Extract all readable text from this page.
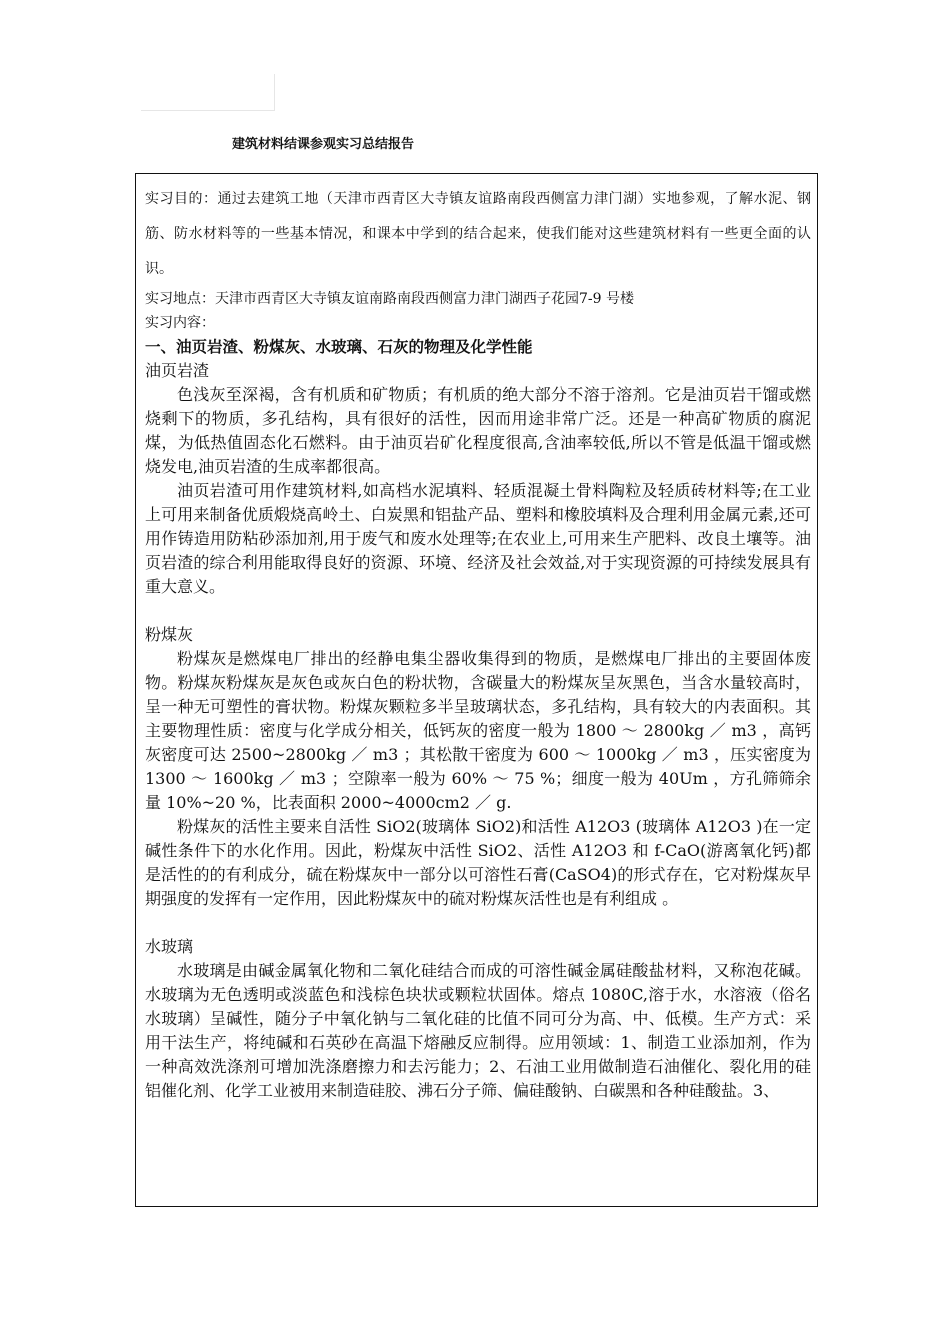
建筑材料结课参观实习总结报告

实习目的：通过去建筑工地（天津市西青区大寺镇友谊路南段西侧富力津门湖）实地参观，了解水泥、钢筋、防水材料等的一些基本情况，和课本中学到的结合起来，使我们能对这些建筑材料有一些更全面的认识。

实习地点：天津市西青区大寺镇友谊南路南段西侧富力津门湖西子花园7-9 号楼

实习内容：

一、油页岩渣、粉煤灰、水玻璃、石灰的物理及化学性能

油页岩渣

色浅灰至深褐，含有机质和矿物质；有机质的绝大部分不溶于溶剂。它是油页岩干馏或燃烧剩下的物质，多孔结构，具有很好的活性，因而用途非常广泛。还是一种高矿物质的腐泥煤，为低热值固态化石燃料。由于油页岩矿化程度很高,含油率较低,所以不管是低温干馏或燃烧发电,油页岩渣的生成率都很高。

油页岩渣可用作建筑材料,如高档水泥填料、轻质混凝土骨料陶粒及轻质砖材料等;在工业上可用来制备优质煅烧高岭土、白炭黑和铝盐产品、塑料和橡胶填料及合理利用金属元素,还可用作铸造用防粘砂添加剂,用于废气和废水处理等;在农业上,可用来生产肥料、改良土壤等。油页岩渣的综合利用能取得良好的资源、环境、经济及社会效益,对于实现资源的可持续发展具有重大意义。

粉煤灰

粉煤灰是燃煤电厂排出的经静电集尘器收集得到的物质，是燃煤电厂排出的主要固体废物。粉煤灰粉煤灰是灰色或灰白色的粉状物，含碳量大的粉煤灰呈灰黑色，当含水量较高时，呈一种无可塑性的膏状物。粉煤灰颗粒多半呈玻璃状态，多孔结构，具有较大的内表面积。其主要物理性质：密度与化学成分相关，低钙灰的密度一般为 1800 ～ 2800kg ／ m3 ，高钙灰密度可达 2500~2800kg ／ m3 ；其松散干密度为 600 ～ 1000kg ／ m3 ，压实密度为 1300 ～ 1600kg ／ m3 ；空隙率一般为 60% ～ 75 %；细度一般为 40Um ，方孔筛筛余量 10%~20 %，比表面积 2000~4000cm2 ／ g.

粉煤灰的活性主要来自活性 SiO2(玻璃体 SiO2)和活性 A12O3 (玻璃体 A12O3 )在一定碱性条件下的水化作用。因此，粉煤灰中活性 SiO2、活性 A12O3 和 f-CaO(游离氧化钙)都是活性的的有利成分，硫在粉煤灰中一部分以可溶性石膏(CaSO4)的形式存在，它对粉煤灰早期强度的发挥有一定作用，因此粉煤灰中的硫对粉煤灰活性也是有利组成 。

水玻璃

水玻璃是由碱金属氧化物和二氧化硅结合而成的可溶性碱金属硅酸盐材料，又称泡花碱。水玻璃为无色透明或淡蓝色和浅棕色块状或颗粒状固体。熔点 1080C,溶于水，水溶液（俗名水玻璃）呈碱性，随分子中氧化钠与二氧化硅的比值不同可分为高、中、低模。生产方式：采用干法生产，将纯碱和石英砂在高温下熔融反应制得。应用领域：1、制造工业添加剂，作为一种高效洗涤剂可增加洗涤磨擦力和去污能力；2、石油工业用做制造石油催化、裂化用的硅铝催化剂、化学工业被用来制造硅胶、沸石分子筛、偏硅酸钠、白碳黑和各种硅酸盐。3、
